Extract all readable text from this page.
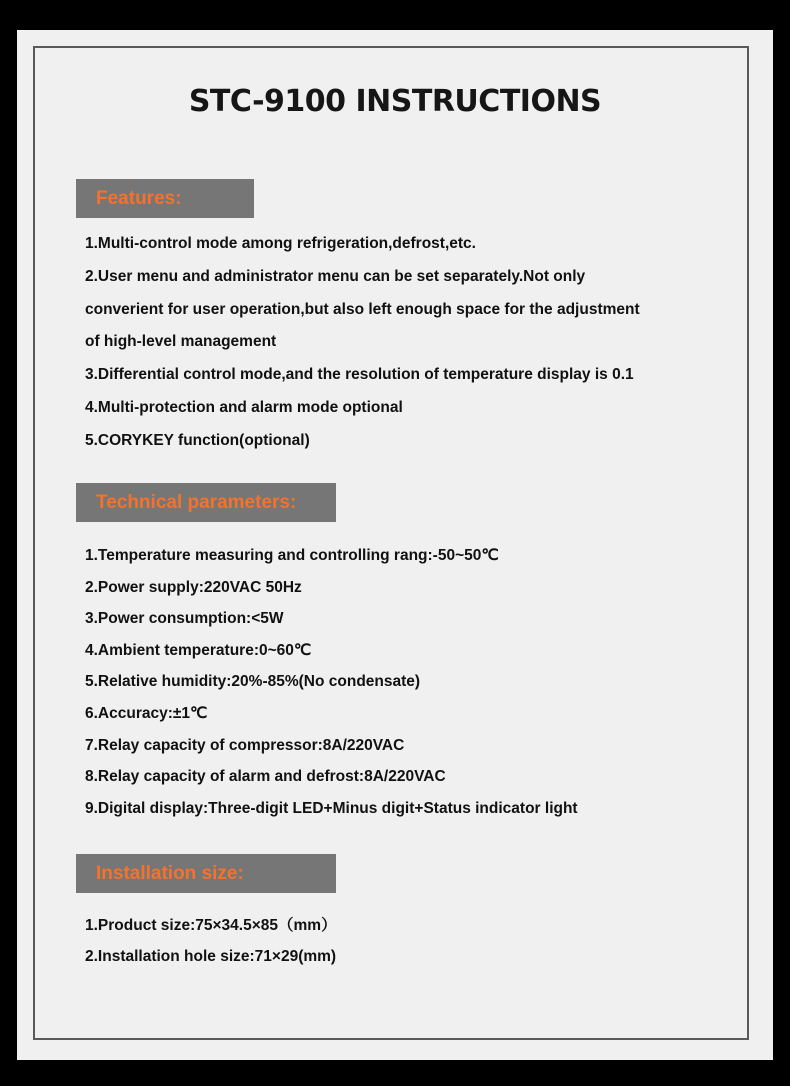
STC-9100 INSTRUCTIONS
Features:
1.Multi-control mode among refrigeration,defrost,etc.
2.User menu and administrator menu can be set separately.Not only
converient for user operation,but also left enough space for the adjustment
of high-level management
3.Differential control mode,and the resolution of temperature display is 0.1
4.Multi-protection and alarm mode optional
5.CORYKEY function(optional)
Technical parameters:
1.Temperature measuring and controlling rang:-50~50℃
2.Power supply:220VAC 50Hz
3.Power consumption:<5W
4.Ambient temperature:0~60℃
5.Relative humidity:20%-85%(No condensate)
6.Accuracy:±1℃
7.Relay capacity of compressor:8A/220VAC
8.Relay capacity of alarm and defrost:8A/220VAC
9.Digital display:Three-digit LED+Minus digit+Status indicator light
Installation size:
1.Product size:75×34.5×85（mm）
2.Installation hole size:71×29(mm)
